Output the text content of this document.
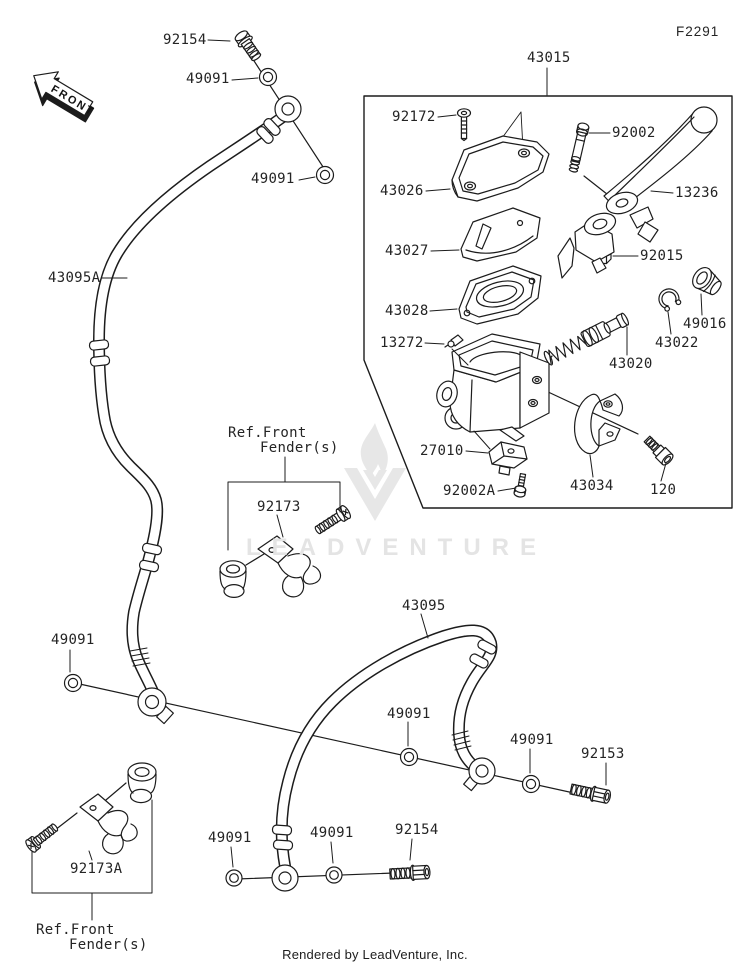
FRONT
LEADVENTURE
F2291
Rendered by LeadVenture, Inc.
92154
49091
49091
43095A
43015
92172
43026
43027
92002
13236
92015
43028
13272
49016
43022
43020
27010
92002A	43034	120
Ref.Front
Fender(s)
92173
43095
49091
49091
92153
49091
92173A
Ref.Front
Fender(s)
49091	49091	92154
